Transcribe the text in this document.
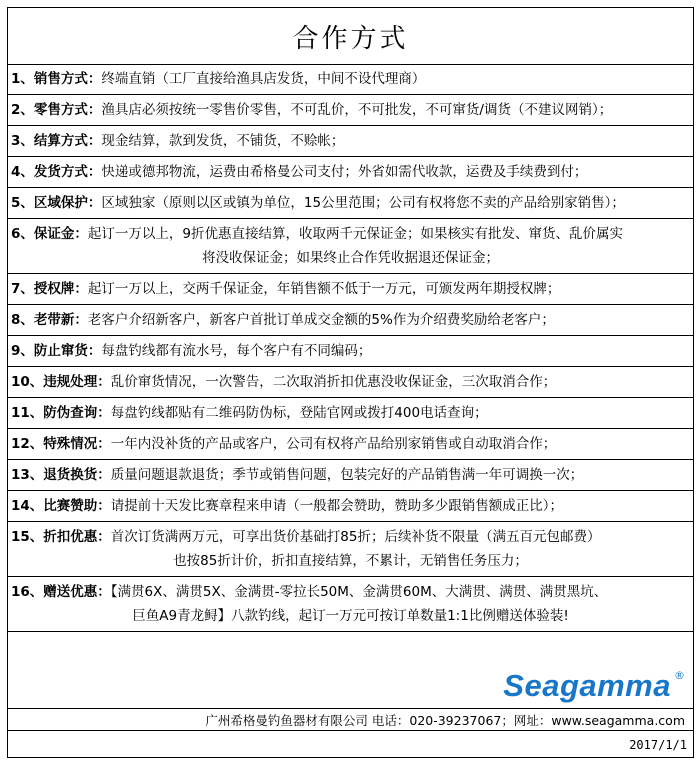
合作方式
1、销售方式：终端直销（工厂直接给渔具店发货，中间不设代理商）
2、零售方式：渔具店必须按统一零售价零售，不可乱价，不可批发，不可窜货/调货（不建议网销）；
3、结算方式：现金结算，款到发货，不铺货，不赊帐；
4、发货方式：快递或德邦物流，运费由希格曼公司支付；外省如需代收款，运费及手续费到付；
5、区域保护：区域独家（原则以区或镇为单位，15公里范围；公司有权将您不卖的产品给别家销售）；
6、保证金：起订一万以上，9折优惠直接结算，收取两千元保证金；如果核实有批发、窜货、乱价属实
将没收保证金；如果终止合作凭收据退还保证金；
7、授权牌：起订一万以上，交两千保证金，年销售额不低于一万元，可颁发两年期授权牌；
8、老带新：老客户介绍新客户，新客户首批订单成交金额的5%作为介绍费奖励给老客户；
9、防止窜货：每盘钓线都有流水号，每个客户有不同编码；
10、违规处理：乱价窜货情况，一次警告，二次取消折扣优惠没收保证金，三次取消合作；
11、防伪查询：每盘钓线都贴有二维码防伪标，登陆官网或拨打400电话查询；
12、特殊情况：一年内没补货的产品或客户，公司有权将产品给别家销售或自动取消合作；
13、退货换货：质量问题退款退货；季节或销售问题，包装完好的产品销售满一年可调换一次；
14、比赛赞助：请提前十天发比赛章程来申请（一般都会赞助，赞助多少跟销售额成正比）；
15、折扣优惠：首次订货满两万元，可享出货价基础打85折；后续补货不限量（满五百元包邮费）
也按85折计价，折扣直接结算，不累计，无销售任务压力；
16、赠送优惠：【满贯6X、满贯5X、金满贯-零拉长50M、金满贯60M、大满贯、满贯、满贯黑坑、
巨鱼A9青龙鲟】八款钓线，起订一万元可按订单数量1:1比例赠送体验装!
Seagamma ®
广州希格曼钓鱼器材有限公司 电话：020-39237067；网址：www.seagamma.com
2017/1/1
